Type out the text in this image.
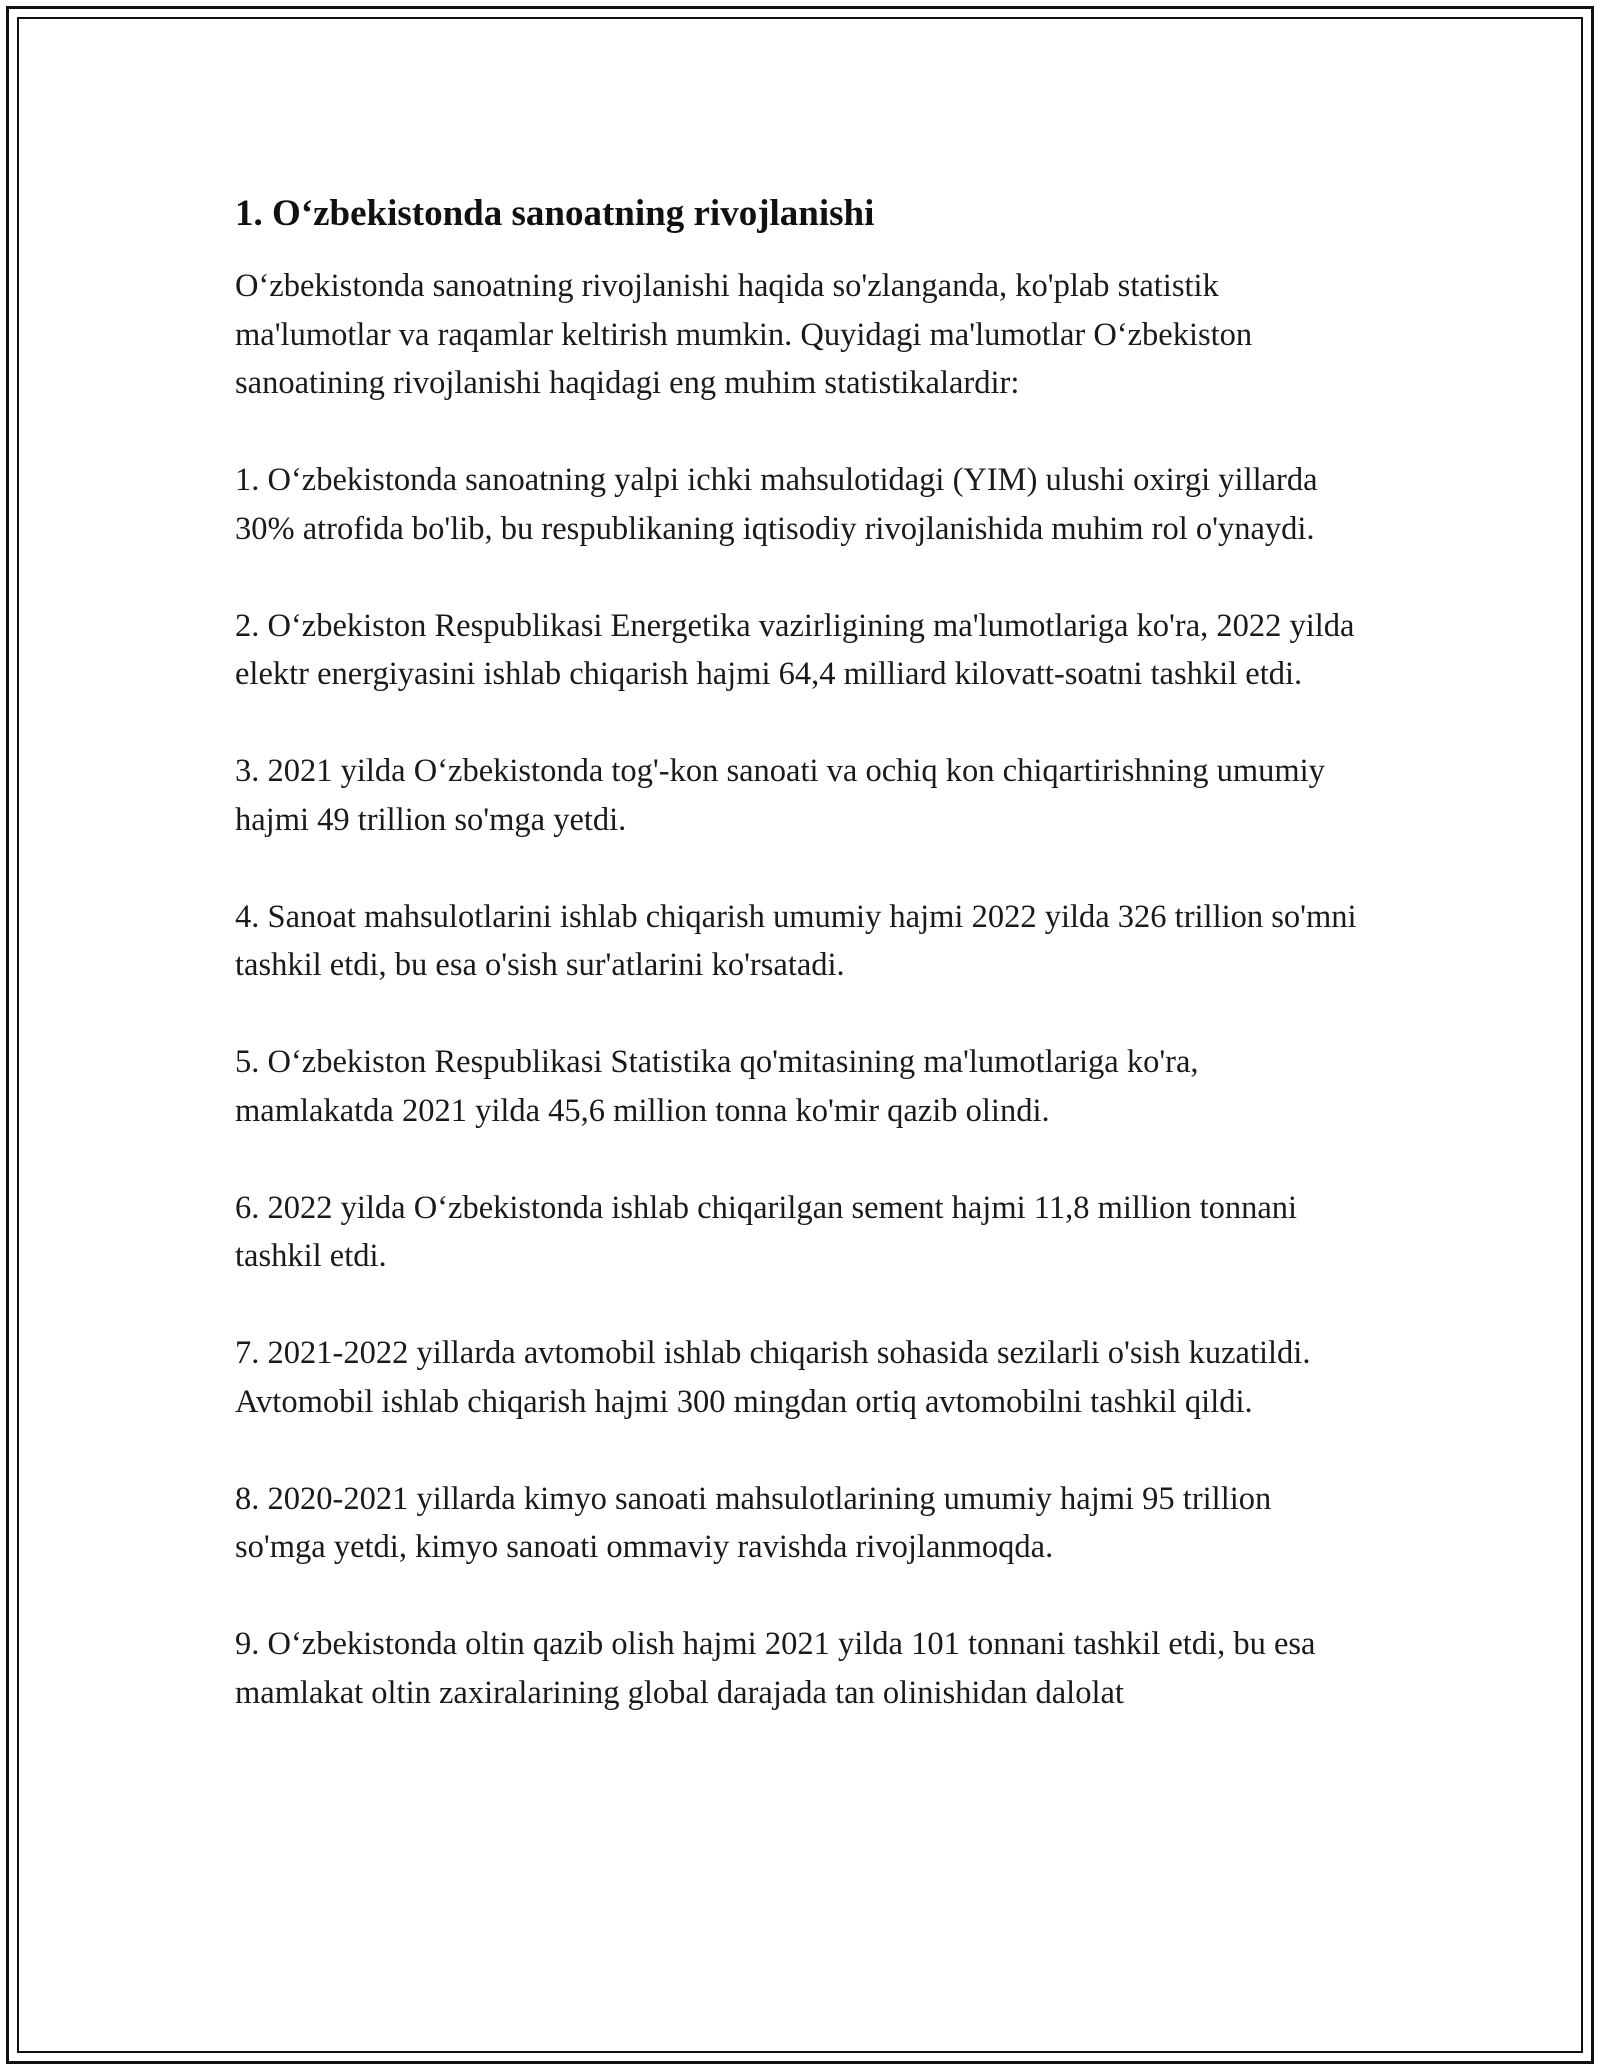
1. O‘zbekistonda sanoatning rivojlanishi

O‘zbekistonda sanoatning rivojlanishi haqida so'zlanganda, ko'plab statistik ma'lumotlar va raqamlar keltirish mumkin. Quyidagi ma'lumotlar O‘zbekiston sanoatining rivojlanishi haqidagi eng muhim statistikalardir:

1. O‘zbekistonda sanoatning yalpi ichki mahsulotidagi (YIM) ulushi oxirgi yillarda 30% atrofida bo'lib, bu respublikaning iqtisodiy rivojlanishida muhim rol o'ynaydi.

2. O‘zbekiston Respublikasi Energetika vazirligining ma'lumotlariga ko'ra, 2022 yilda elektr energiyasini ishlab chiqarish hajmi 64,4 milliard kilovatt-soatni tashkil etdi.

3. 2021 yilda O‘zbekistonda tog'-kon sanoati va ochiq kon chiqartirishning umumiy hajmi 49 trillion so'mga yetdi.

4. Sanoat mahsulotlarini ishlab chiqarish umumiy hajmi 2022 yilda 326 trillion so'mni tashkil etdi, bu esa o'sish sur'atlarini ko'rsatadi.

5. O‘zbekiston Respublikasi Statistika qo'mitasining ma'lumotlariga ko'ra, mamlakatda 2021 yilda 45,6 million tonna ko'mir qazib olindi.

6. 2022 yilda O‘zbekistonda ishlab chiqarilgan sement hajmi 11,8 million tonnani tashkil etdi.

7. 2021-2022 yillarda avtomobil ishlab chiqarish sohasida sezilarli o'sish kuzatildi. Avtomobil ishlab chiqarish hajmi 300 mingdan ortiq avtomobilni tashkil qildi.

8. 2020-2021 yillarda kimyo sanoati mahsulotlarining umumiy hajmi 95 trillion so'mga yetdi, kimyo sanoati ommaviy ravishda rivojlanmoqda.

9. O‘zbekistonda oltin qazib olish hajmi 2021 yilda 101 tonnani tashkil etdi, bu esa mamlakat oltin zaxiralarining global darajada tan olinishidan dalolat
